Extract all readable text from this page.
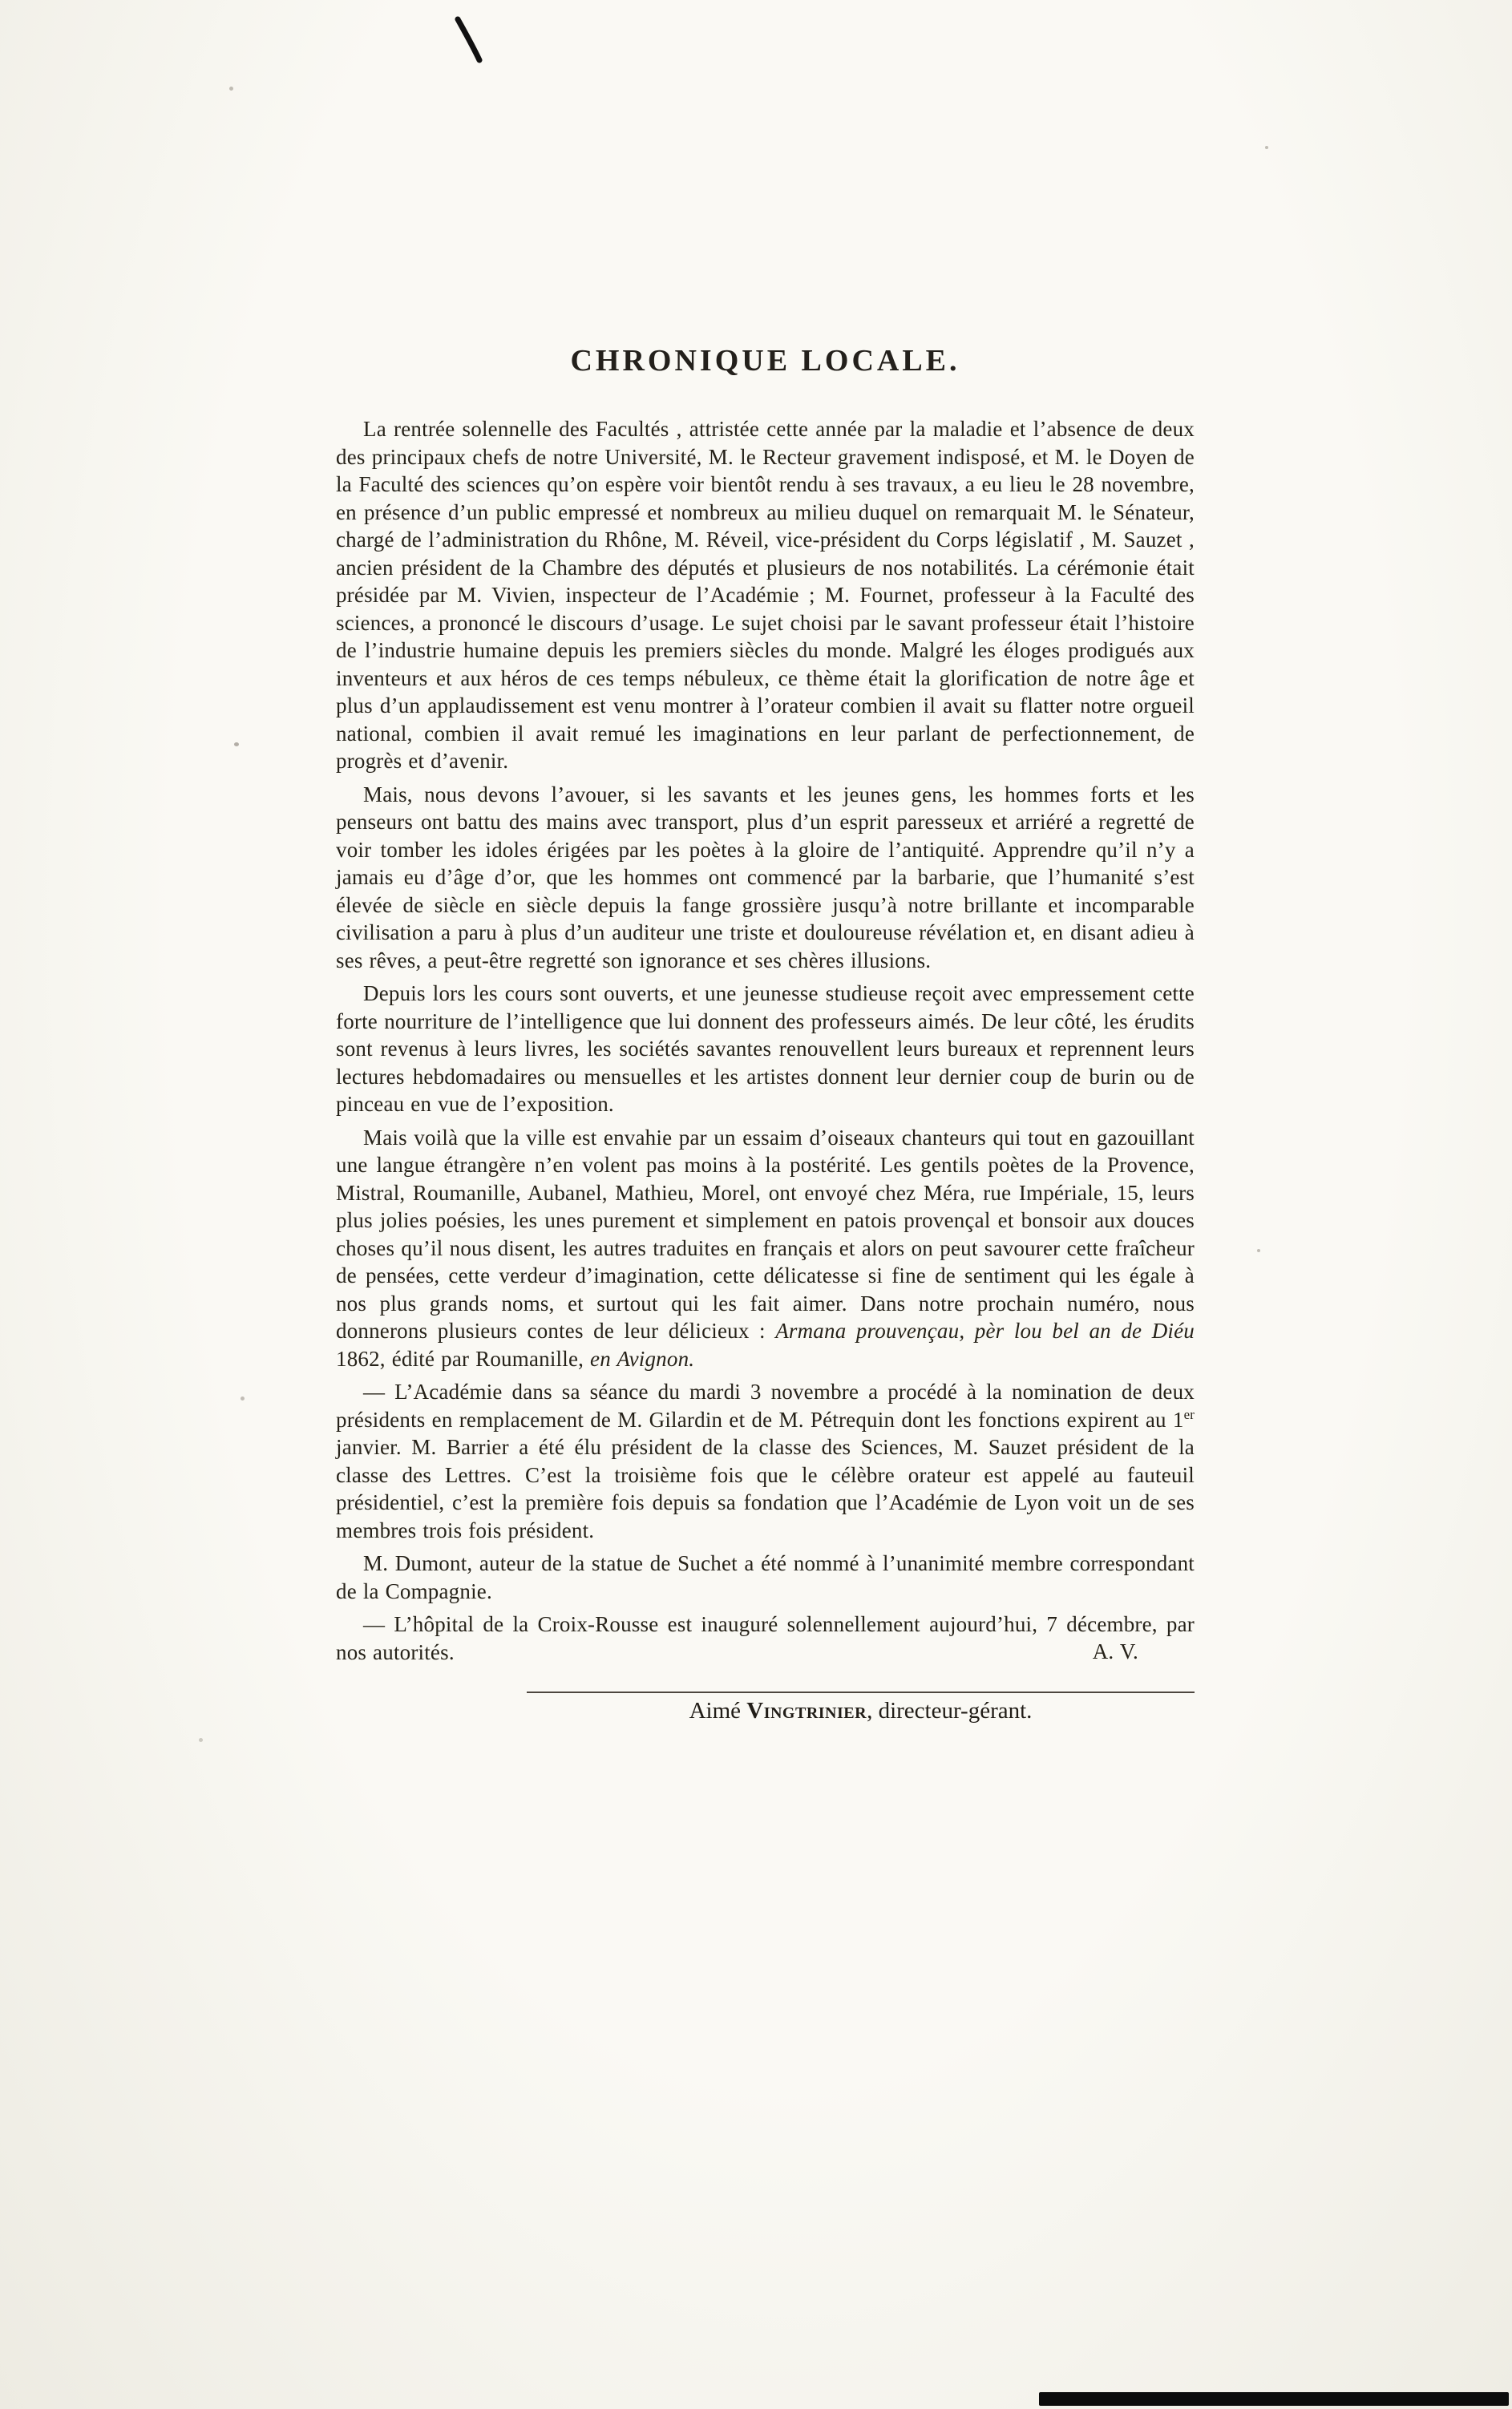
CHRONIQUE LOCALE.

La rentrée solennelle des Facultés , attristée cette année par la maladie et l’absence de deux des principaux chefs de notre Université, M. le Recteur gravement indisposé, et M. le Doyen de la Faculté des sciences qu’on espère voir bientôt rendu à ses travaux, a eu lieu le 28 novembre, en présence d’un public empressé et nombreux au milieu duquel on remarquait M. le Sénateur, chargé de l’administration du Rhône, M. Réveil, vice-président du Corps législatif , M. Sauzet , ancien président de la Chambre des députés et plusieurs de nos notabilités. La cérémonie était présidée par M. Vivien, inspecteur de l’Académie ; M. Fournet, professeur à la Faculté des sciences, a prononcé le discours d’usage. Le sujet choisi par le savant professeur était l’histoire de l’industrie humaine depuis les premiers siècles du monde. Malgré les éloges prodigués aux inventeurs et aux héros de ces temps nébuleux, ce thème était la glorification de notre âge et plus d’un applaudissement est venu montrer à l’orateur combien il avait su flatter notre orgueil national, combien il avait remué les imaginations en leur parlant de perfectionnement, de progrès et d’avenir.

Mais, nous devons l’avouer, si les savants et les jeunes gens, les hommes forts et les penseurs ont battu des mains avec transport, plus d’un esprit paresseux et arriéré a regretté de voir tomber les idoles érigées par les poètes à la gloire de l’antiquité. Apprendre qu’il n’y a jamais eu d’âge d’or, que les hommes ont commencé par la barbarie, que l’humanité s’est élevée de siècle en siècle depuis la fange grossière jusqu’à notre brillante et incomparable civilisation a paru à plus d’un auditeur une triste et douloureuse révélation et, en disant adieu à ses rêves, a peut-être regretté son ignorance et ses chères illusions.

Depuis lors les cours sont ouverts, et une jeunesse studieuse reçoit avec empressement cette forte nourriture de l’intelligence que lui donnent des professeurs aimés. De leur côté, les érudits sont revenus à leurs livres, les sociétés savantes renouvellent leurs bureaux et reprennent leurs lectures hebdomadaires ou mensuelles et les artistes donnent leur dernier coup de burin ou de pinceau en vue de l’exposition.

Mais voilà que la ville est envahie par un essaim d’oiseaux chanteurs qui tout en gazouillant une langue étrangère n’en volent pas moins à la postérité. Les gentils poètes de la Provence, Mistral, Roumanille, Aubanel, Mathieu, Morel, ont envoyé chez Méra, rue Impériale, 15, leurs plus jolies poésies, les unes purement et simplement en patois provençal et bonsoir aux douces choses qu’il nous disent, les autres traduites en français et alors on peut savourer cette fraîcheur de pensées, cette verdeur d’imagination, cette délicatesse si fine de sentiment qui les égale à nos plus grands noms, et surtout qui les fait aimer. Dans notre prochain numéro, nous donnerons plusieurs contes de leur délicieux : Armana prouvençau, pèr lou bel an de Diéu 1862, édité par Roumanille, en Avignon.

— L’Académie dans sa séance du mardi 3 novembre a procédé à la nomination de deux présidents en remplacement de M. Gilardin et de M. Pétrequin dont les fonctions expirent au 1er janvier. M. Barrier a été élu président de la classe des Sciences, M. Sauzet président de la classe des Lettres. C’est la troisième fois que le célèbre orateur est appelé au fauteuil présidentiel, c’est la première fois depuis sa fondation que l’Académie de Lyon voit un de ses membres trois fois président.

M. Dumont, auteur de la statue de Suchet a été nommé à l’unanimité membre correspondant de la Compagnie.

— L’hôpital de la Croix-Rousse est inauguré solennellement aujourd’hui, 7 décembre, par nos autorités.	A. V.

Aimé Vingtrinier, directeur-gérant.
